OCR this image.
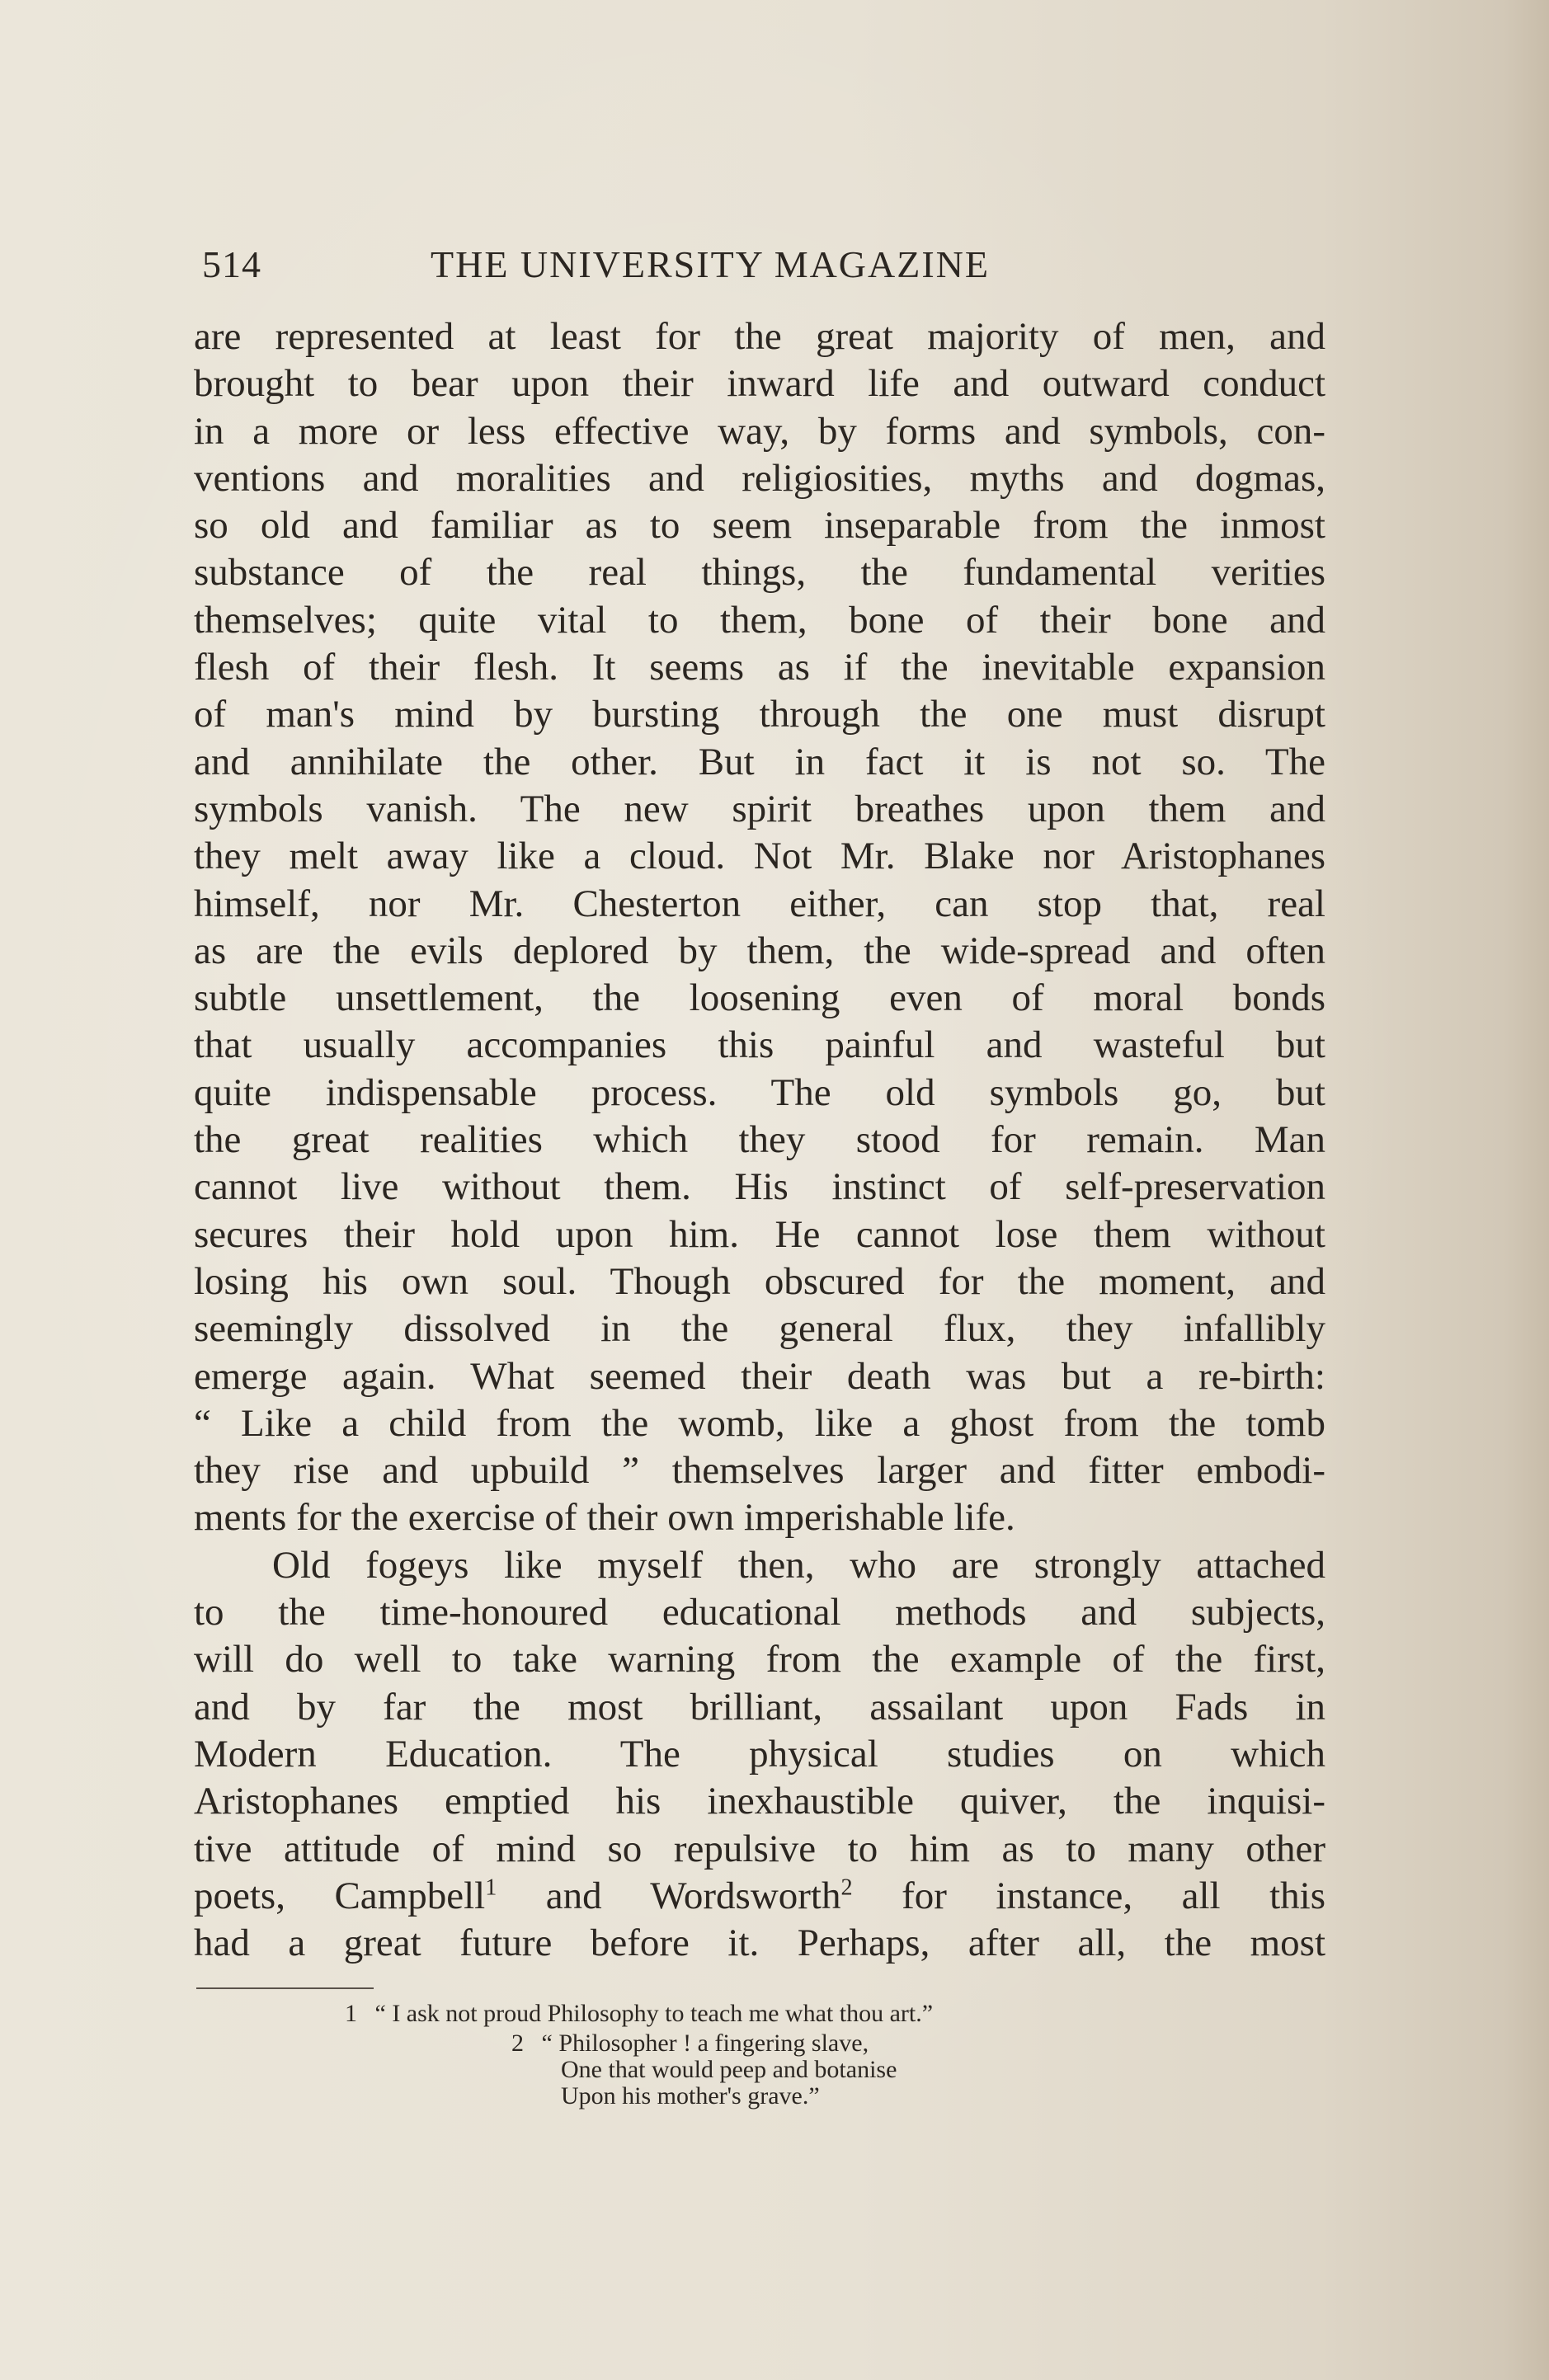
514	THE UNIVERSITY MAGAZINE
are represented at least for the great majority of men, and
brought to bear upon their inward life and outward conduct
in a more or less effective way, by forms and symbols, con-
ventions and moralities and religiosities, myths and dogmas,
so old and familiar as to seem inseparable from the inmost
substance of the real things, the fundamental verities
themselves; quite vital to them, bone of their bone and
flesh of their flesh. It seems as if the inevitable expansion
of man's mind by bursting through the one must disrupt
and annihilate the other. But in fact it is not so. The
symbols vanish. The new spirit breathes upon them and
they melt away like a cloud. Not Mr. Blake nor Aristophanes
himself, nor Mr. Chesterton either, can stop that, real
as are the evils deplored by them, the wide-spread and often
subtle unsettlement, the loosening even of moral bonds
that usually accompanies this painful and wasteful but
quite indispensable process. The old symbols go, but
the great realities which they stood for remain. Man
cannot live without them. His instinct of self-preservation
secures their hold upon him. He cannot lose them without
losing his own soul. Though obscured for the moment, and
seemingly dissolved in the general flux, they infallibly
emerge again. What seemed their death was but a re-birth:
“ Like a child from the womb, like a ghost from the tomb
they rise and upbuild ” themselves larger and fitter embodi-
ments for the exercise of their own imperishable life.
Old fogeys like myself then, who are strongly attached
to the time-honoured educational methods and subjects,
will do well to take warning from the example of the first,
and by far the most brilliant, assailant upon Fads in
Modern Education. The physical studies on which
Aristophanes emptied his inexhaustible quiver, the inquisi-
tive attitude of mind so repulsive to him as to many other
poets, Campbell$^1$ and Wordsworth$^2$ for instance, all this
had a great future before it. Perhaps, after all, the most
1 “ I ask not proud Philosophy to teach me what thou art.”
2 “ Philosopher ! a fingering slave,
One that would peep and botanise
Upon his mother's grave.”
